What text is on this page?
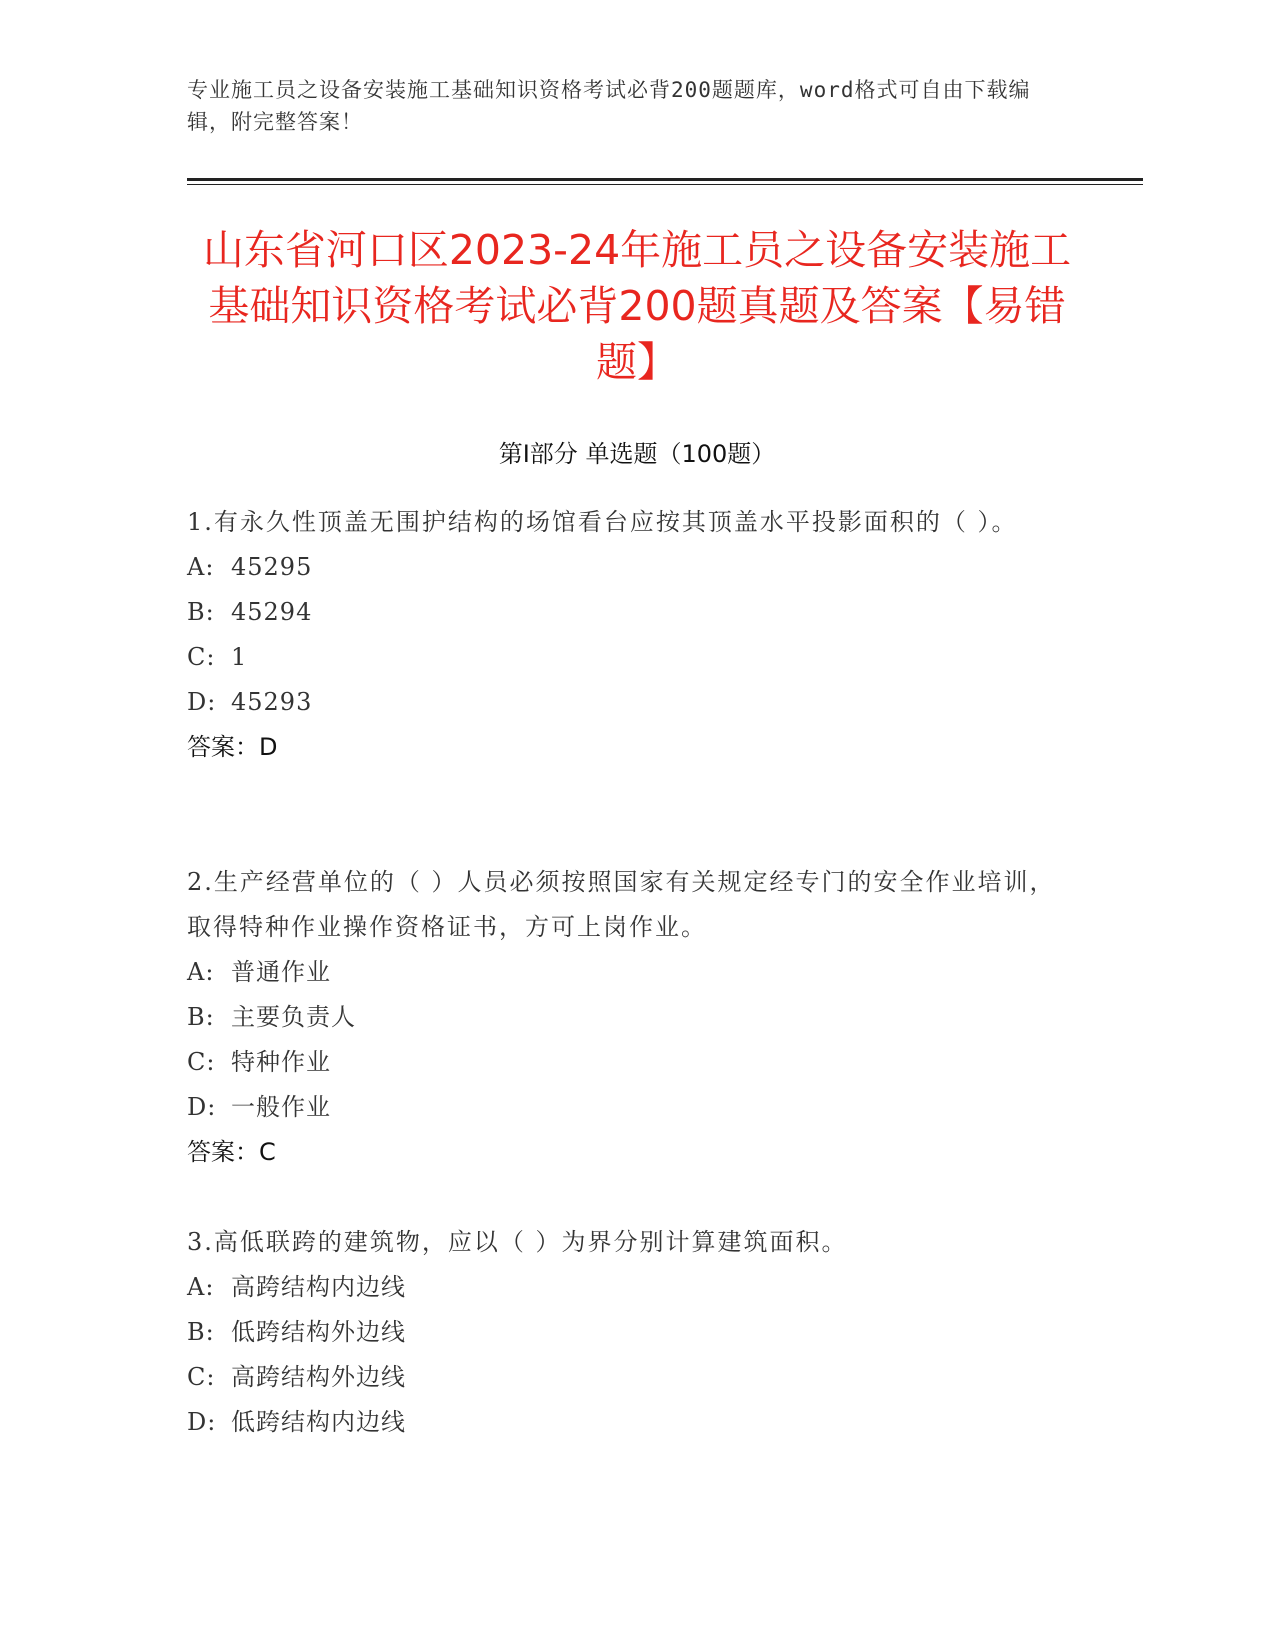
专业施工员之设备安装施工基础知识资格考试必背200题题库，word格式可自由下载编辑，附完整答案！
山东省河口区2023-24年施工员之设备安装施工基础知识资格考试必背200题真题及答案【易错题】
第Ⅰ部分 单选题（100题）
1.有永久性顶盖无围护结构的场馆看台应按其顶盖水平投影面积的（ ）。
A: 45295
B: 45294
C: 1
D: 45293
答案：D
2.生产经营单位的（ ）人员必须按照国家有关规定经专门的安全作业培训，取得特种作业操作资格证书，方可上岗作业。
A: 普通作业
B: 主要负责人
C: 特种作业
D: 一般作业
答案：C
3.高低联跨的建筑物，应以（ ）为界分别计算建筑面积。
A: 高跨结构内边线
B: 低跨结构外边线
C: 高跨结构外边线
D: 低跨结构内边线
